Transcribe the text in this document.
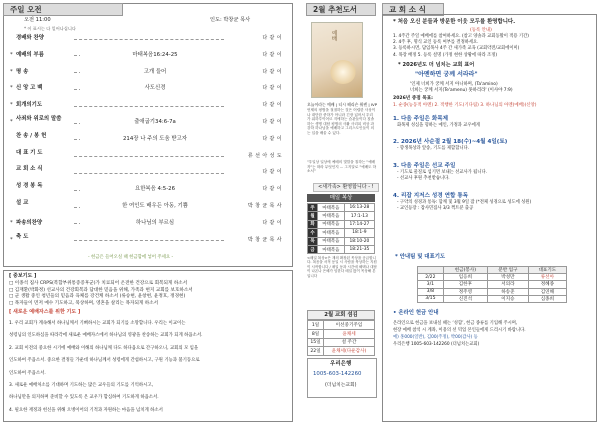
주일 오전
오전 11:00	인도: 박창균 목사
* 이 표시는 다 일어나십니다
경배와 찬양	다 같 이
* 예배의 부름	마태복음16:24-25	다 같 이
* 명 송	고개 들어	다 같 이
* 신 앙 고 백	사도신경	다 같 이
* 회개의기도	다 같 이
* 사죄와 위로의 말씀	출애굽기34:6-7a	다 같 이
찬 송 / 봉 헌	214장 나 주의 도움 받고자	다 같 이
대 표 기 도	류 선 아 성 도
교 회 소 식	다 같 이
성 경 봉 독	요한복음 4:5-26	다 같 이
설 교	한 여인도 배우든 아동, 기쁨	박 창 균 목 사
* 파송의찬양	하나님의 부르심	다 같 이
* 축 도	박 창 균 목 사
- 헌금은 들어오실 때 헌금함에 넣어 주세요 -
[ 중보기도 ]
□ 이종석 집사 CRPS(복합부위통증증후군)가 치료되어 온전한 건강으로 회복되게 하소서
□ 김재환(박화정) 선교사의 건강회복과 담대한 믿음을 위해, 가족과 현지 교회를 보호하소서
□ 군 생활 중인 청년들의 믿음과 육체를 강건케 하소서 (류승현, 윤창현, 윤정호, 정경현)
□ 목자들이 먼저 예수 기도하고, 묵상하며, 영혼을 살리는 목자되게 하소서
[ 새로운 예배자스를 위한 기도 ]
1. 우리 교회가 계속해서 하나님께서 기뻐하시는 교회가 되기를 소망합니다. 우리는 이교이는
성령님의 인도하심을 따라각에 새로운 예배자스에서 하나님의 영광을 찬송하는 교회가 되게 하옵소서.
2. 교회 이전의 중요한 시기에 예배와 이해의 하나님께 다도 하다옵으로 간구하오니, 교회의 모 임을
인도하여 주옵소서. 중요한 결정들 가운데 하나님께서 성령에게 간섭하시고, 구원 기능과 불기동으로
인도하여 주옵소서.
3. 새로운 예배처소를 기대하며 기도하는 많은 교우들의 기도를 기억하시고,
하나님만을 의지하며 준비할 수 있도록 온 교우가 합심하여 기도하게 하옵소서.
4. 필요한 재정과 헌신을 위해 오병이어의 기적과 자원하는 마음을 넘치게 하소서
2월 추천도서
예배
오늘이라는 예배 | 티시 해리슨 워렌 | IVP
언제의 평범을 절절하는 것은 어렵한 사상이 나 대단한 중하가 아니라 긴장 넓어서 우리 가 위하루이어르 지에하는 습관들이다 칫솔 하는 생명 대답 평범의 사활 사리되 비상 과 강하 하나님을 예배하고 그리스도인들이 의 는 입을 배울 수 있다.
"우일상 일상에 예배의 빛깔을 칠하는 "예배자"는 따라 무엇인지 ... 그지알로 "예배도 하소서"
<새가족> 환영합니다 - !
매일 복상
주	마태복음	16:13-28
월	마태복음	17:1-13
화	마태복음	17:14-27
수	마태복음	18:1-9
목	마태복음	18:10-20
금	마태복음	18:21-35
<매일 복상>은 재의 확장된 목상을 공급합니다. 복음을 서적 동일 시 사람을 묵상하는 지원이 시작합니다 / 매일 동과 시간에 혜택나 대답이 나온나 은혜가 임한다 매일 많이 목상해 본입니다
2월 교회 섬김
1일	이선중기주임
8일	윤채세
15일	설 주간
22일	윤채세(다운감사)
우리은행
1005-603-142260
(더넘치는교회)
교 회 소 식
* 처음 오신 분들과 방문한 이웃 모두를 환영합니다.
(등록 안내)
1. 4주간 주일 예배에를 참여하세요. (참고 양솔과 교회동활이 적용 기간)
2. 4주 후, 명식 교인 등록 여부를 결정하세요.
3. 등록하시면, 담임목사 4주 간 새가족 교육 (교회약전/교회에이미)
4. 목장 배정 5. 등록 설명 (가정 현한 상황에 따라 조정)
* 2026년도 더 넘치는 교회 표어
"아멘하면 궁께 서라라"
'인제 너희가 궁께 서지 아니하며, (Ta'amino)
너희는 궁께 서지(Te'amenu) 못하리라' (이사야 7:9)
2026년 중점 목표:
1. 순종(능동적 아멘) 2. 적행한 기도(기다림) 3. 하나님의 아멘(예배)(신앙)
1. 다음 주일은 화목제
화목제 성심을 형하는 예인, 가정과 교우에게
2. 2026년 사순절 2월 18(수)~4월 4일(토)
- 향생목상과 앞송, 기도를 제합합니다.
3. 다음 주일은 선교 주일
- 기도로 물질로 섬기면 보내는 선교사가 됩니다.
- 선교사 후원 추천받습니다.
4. 리잡 지저스 성경 연합 통독
- 구약의 성경과 통독: 함께 및 3월 9일 잠 (*전체 성경으로 성도에 성원)
- 교인등장 : 잠사민집사 3/3 쩍트분 출공
* 안내팀 및 대표기도
	헌금(봉사)	분반 업구	대표기도
2/22	임응희	박성만	류선아
3/1	김한후	서의라	정혜종
3/8	정주영	하송준	김연해
3/15	신진석	이지승	심종희
• 온라인 헌금 안내
온라인으로 헌금을 보내실 때는 ‘성함’, 헌금 종류를 기입해 주시며,
현장 예배 참석 시 계좌, 이용의 선 믹업 본인들에게 드리시기 바랍니다.
예) 홍000(일반), 김00(주정), 박00(감사) 등
우리은행 1005-603-142260 (더넘치는교회)
